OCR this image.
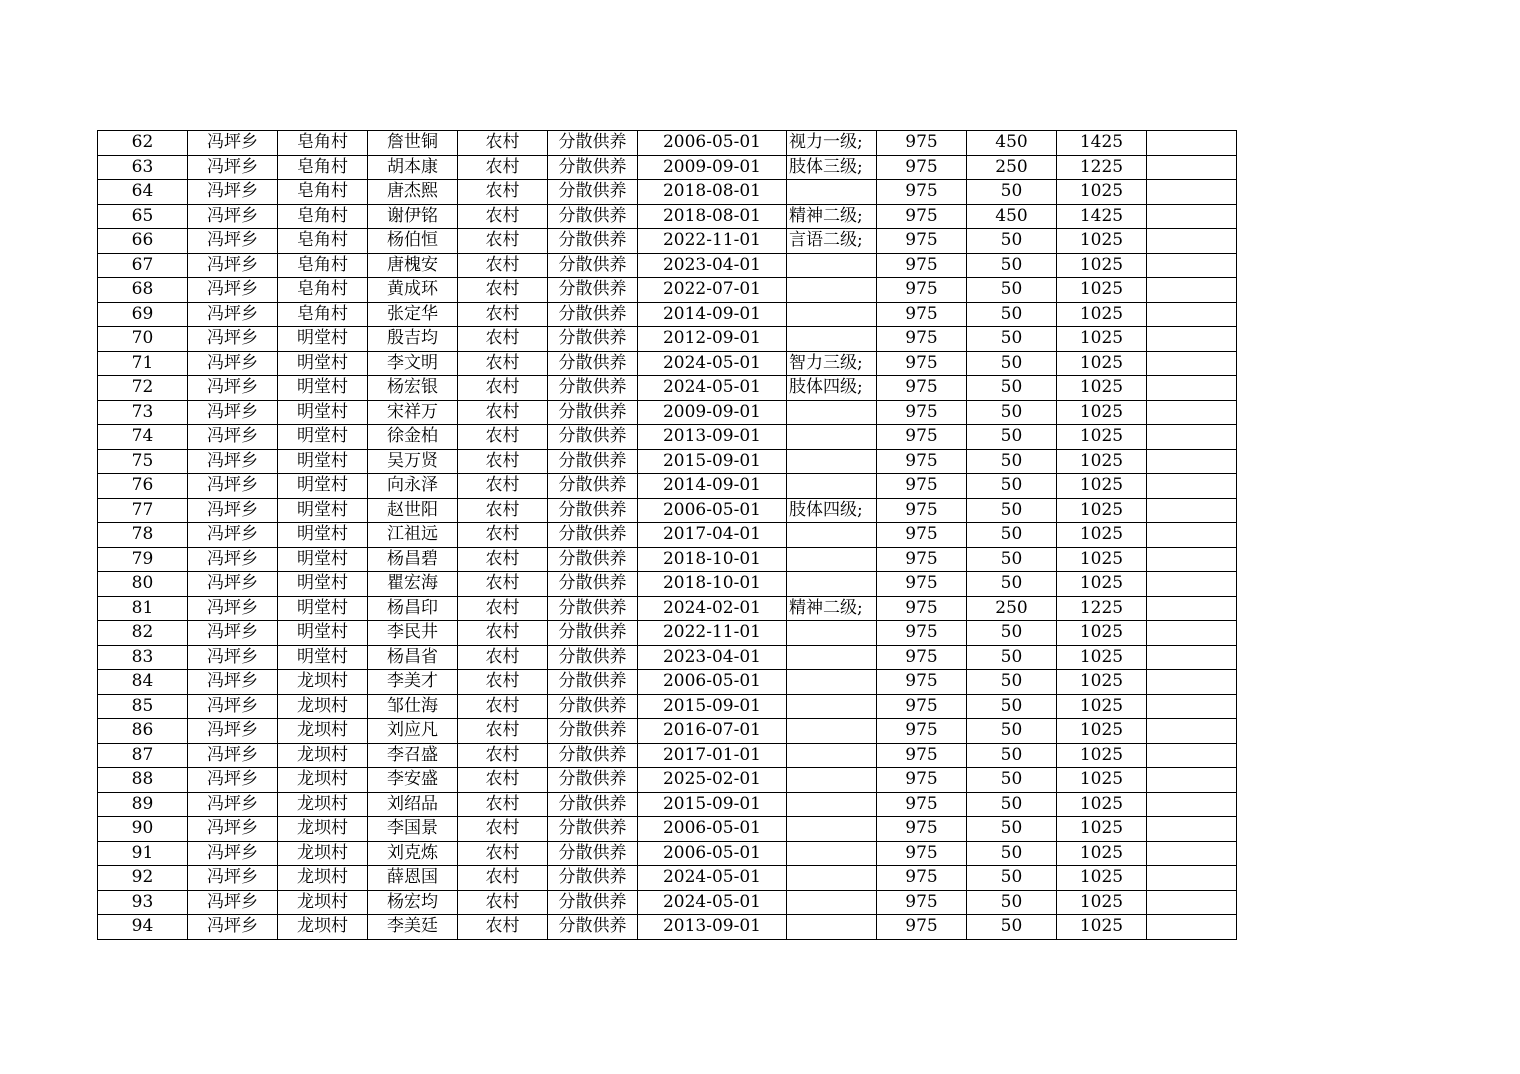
62	冯坪乡	皂角村	詹世铜	农村	分散供养	2006-05-01	视力一级;	975	450	1425	
63	冯坪乡	皂角村	胡本康	农村	分散供养	2009-09-01	肢体三级;	975	250	1225	
64	冯坪乡	皂角村	唐杰熙	农村	分散供养	2018-08-01		975	50	1025	
65	冯坪乡	皂角村	谢伊铭	农村	分散供养	2018-08-01	精神二级;	975	450	1425	
66	冯坪乡	皂角村	杨伯恒	农村	分散供养	2022-11-01	言语二级;	975	50	1025	
67	冯坪乡	皂角村	唐槐安	农村	分散供养	2023-04-01		975	50	1025	
68	冯坪乡	皂角村	黄成环	农村	分散供养	2022-07-01		975	50	1025	
69	冯坪乡	皂角村	张定华	农村	分散供养	2014-09-01		975	50	1025	
70	冯坪乡	明堂村	殷吉均	农村	分散供养	2012-09-01		975	50	1025	
71	冯坪乡	明堂村	李文明	农村	分散供养	2024-05-01	智力三级;	975	50	1025	
72	冯坪乡	明堂村	杨宏银	农村	分散供养	2024-05-01	肢体四级;	975	50	1025	
73	冯坪乡	明堂村	宋祥万	农村	分散供养	2009-09-01		975	50	1025	
74	冯坪乡	明堂村	徐金柏	农村	分散供养	2013-09-01		975	50	1025	
75	冯坪乡	明堂村	吴万贤	农村	分散供养	2015-09-01		975	50	1025	
76	冯坪乡	明堂村	向永泽	农村	分散供养	2014-09-01		975	50	1025	
77	冯坪乡	明堂村	赵世阳	农村	分散供养	2006-05-01	肢体四级;	975	50	1025	
78	冯坪乡	明堂村	江祖远	农村	分散供养	2017-04-01		975	50	1025	
79	冯坪乡	明堂村	杨昌碧	农村	分散供养	2018-10-01		975	50	1025	
80	冯坪乡	明堂村	瞿宏海	农村	分散供养	2018-10-01		975	50	1025	
81	冯坪乡	明堂村	杨昌印	农村	分散供养	2024-02-01	精神二级;	975	250	1225	
82	冯坪乡	明堂村	李民井	农村	分散供养	2022-11-01		975	50	1025	
83	冯坪乡	明堂村	杨昌省	农村	分散供养	2023-04-01		975	50	1025	
84	冯坪乡	龙坝村	李美才	农村	分散供养	2006-05-01		975	50	1025	
85	冯坪乡	龙坝村	邹仕海	农村	分散供养	2015-09-01		975	50	1025	
86	冯坪乡	龙坝村	刘应凡	农村	分散供养	2016-07-01		975	50	1025	
87	冯坪乡	龙坝村	李召盛	农村	分散供养	2017-01-01		975	50	1025	
88	冯坪乡	龙坝村	李安盛	农村	分散供养	2025-02-01		975	50	1025	
89	冯坪乡	龙坝村	刘绍品	农村	分散供养	2015-09-01		975	50	1025	
90	冯坪乡	龙坝村	李国景	农村	分散供养	2006-05-01		975	50	1025	
91	冯坪乡	龙坝村	刘克炼	农村	分散供养	2006-05-01		975	50	1025	
92	冯坪乡	龙坝村	薛恩国	农村	分散供养	2024-05-01		975	50	1025	
93	冯坪乡	龙坝村	杨宏均	农村	分散供养	2024-05-01		975	50	1025	
94	冯坪乡	龙坝村	李美廷	农村	分散供养	2013-09-01		975	50	1025	
